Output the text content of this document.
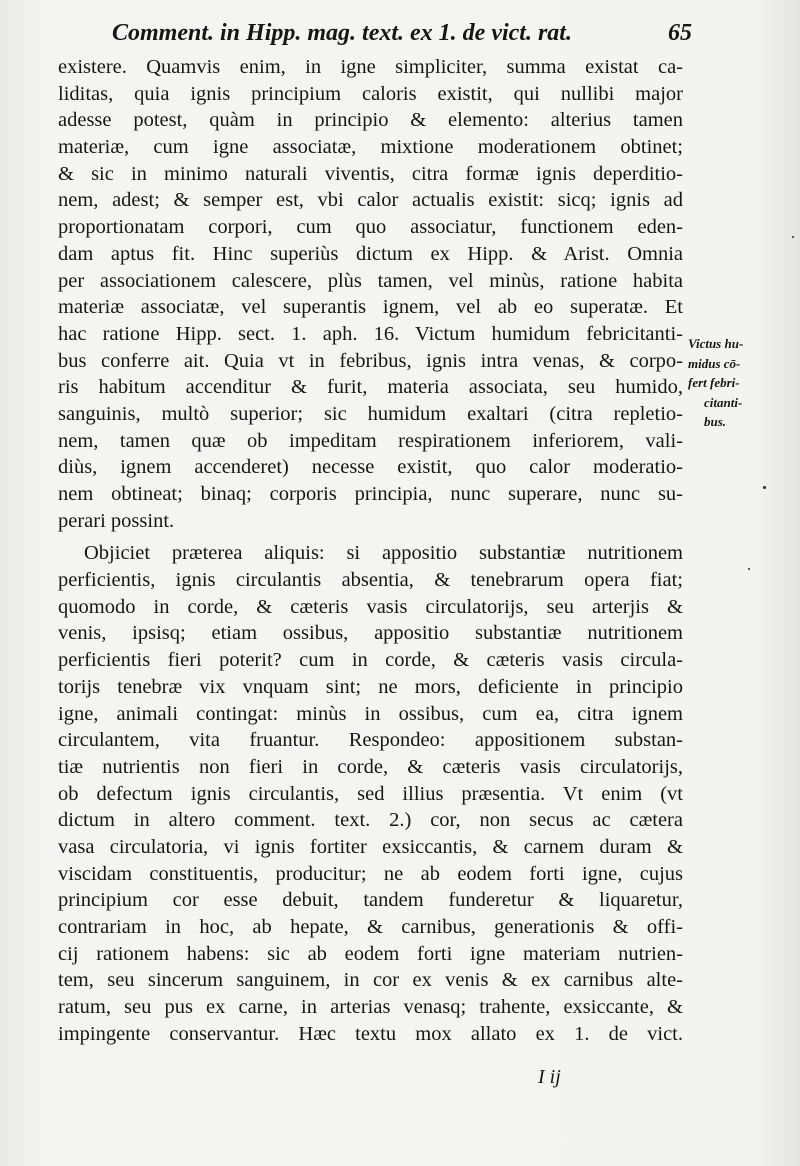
Comment. in Hipp. mag. text. ex 1. de vict. rat.	65
existere. Quamvis enim, in igne simpliciter, summa existat ca-
liditas, quia ignis principium caloris existit, qui nullibi major
adesse potest, quàm in principio & elemento: alterius tamen
materiæ, cum igne associatæ, mixtione moderationem obtinet;
& sic in minimo naturali viventis, citra formæ ignis deperditio-
nem, adest; & semper est, vbi calor actualis existit: sicq; ignis ad
proportionatam corpori, cum quo associatur, functionem eden-
dam aptus fit. Hinc superiùs dictum ex Hipp. & Arist. Omnia
per associationem calescere, plùs tamen, vel minùs, ratione habita
materiæ associatæ, vel superantis ignem, vel ab eo superatæ. Et
hac ratione Hipp. sect. 1. aph. 16. Victum humidum febricitanti-
bus conferre ait. Quia vt in febribus, ignis intra venas, & corpo-
ris habitum accenditur & furit, materia associata, seu humido,
sanguinis, multò superior; sic humidum exaltari (citra repletio-
nem, tamen quæ ob impeditam respirationem inferiorem, vali-
diùs, ignem accenderet) necesse existit, quo calor moderatio-
nem obtineat; binaq; corporis principia, nunc superare, nunc su-
perari possint.
Objiciet præterea aliquis: si appositio substantiæ nutritionem
perficientis, ignis circulantis absentia, & tenebrarum opera fiat;
quomodo in corde, & cæteris vasis circulatorijs, seu arterjis &
venis, ipsisq; etiam ossibus, appositio substantiæ nutritionem
perficientis fieri poterit? cum in corde, & cæteris vasis circula-
torijs tenebræ vix vnquam sint; ne mors, deficiente in principio
igne, animali contingat: minùs in ossibus, cum ea, citra ignem
circulantem, vita fruantur. Respondeo: appositionem substan-
tiæ nutrientis non fieri in corde, & cæteris vasis circulatorijs,
ob defectum ignis circulantis, sed illius præsentia. Vt enim (vt
dictum in altero comment. text. 2.) cor, non secus ac cætera
vasa circulatoria, vi ignis fortiter exsiccantis, & carnem duram &
viscidam constituentis, producitur; ne ab eodem forti igne, cujus
principium cor esse debuit, tandem funderetur & liquaretur,
contrariam in hoc, ab hepate, & carnibus, generationis & offi-
cij rationem habens: sic ab eodem forti igne materiam nutrien-
tem, seu sincerum sanguinem, in cor ex venis & ex carnibus alte-
ratum, seu pus ex carne, in arterias venasq; trahente, exsiccante, &
impingente conservantur. Hæc textu mox allato ex 1. de vict.
Victus hu-
midus cō-
fert febri-
citanti-
bus.
I ij
